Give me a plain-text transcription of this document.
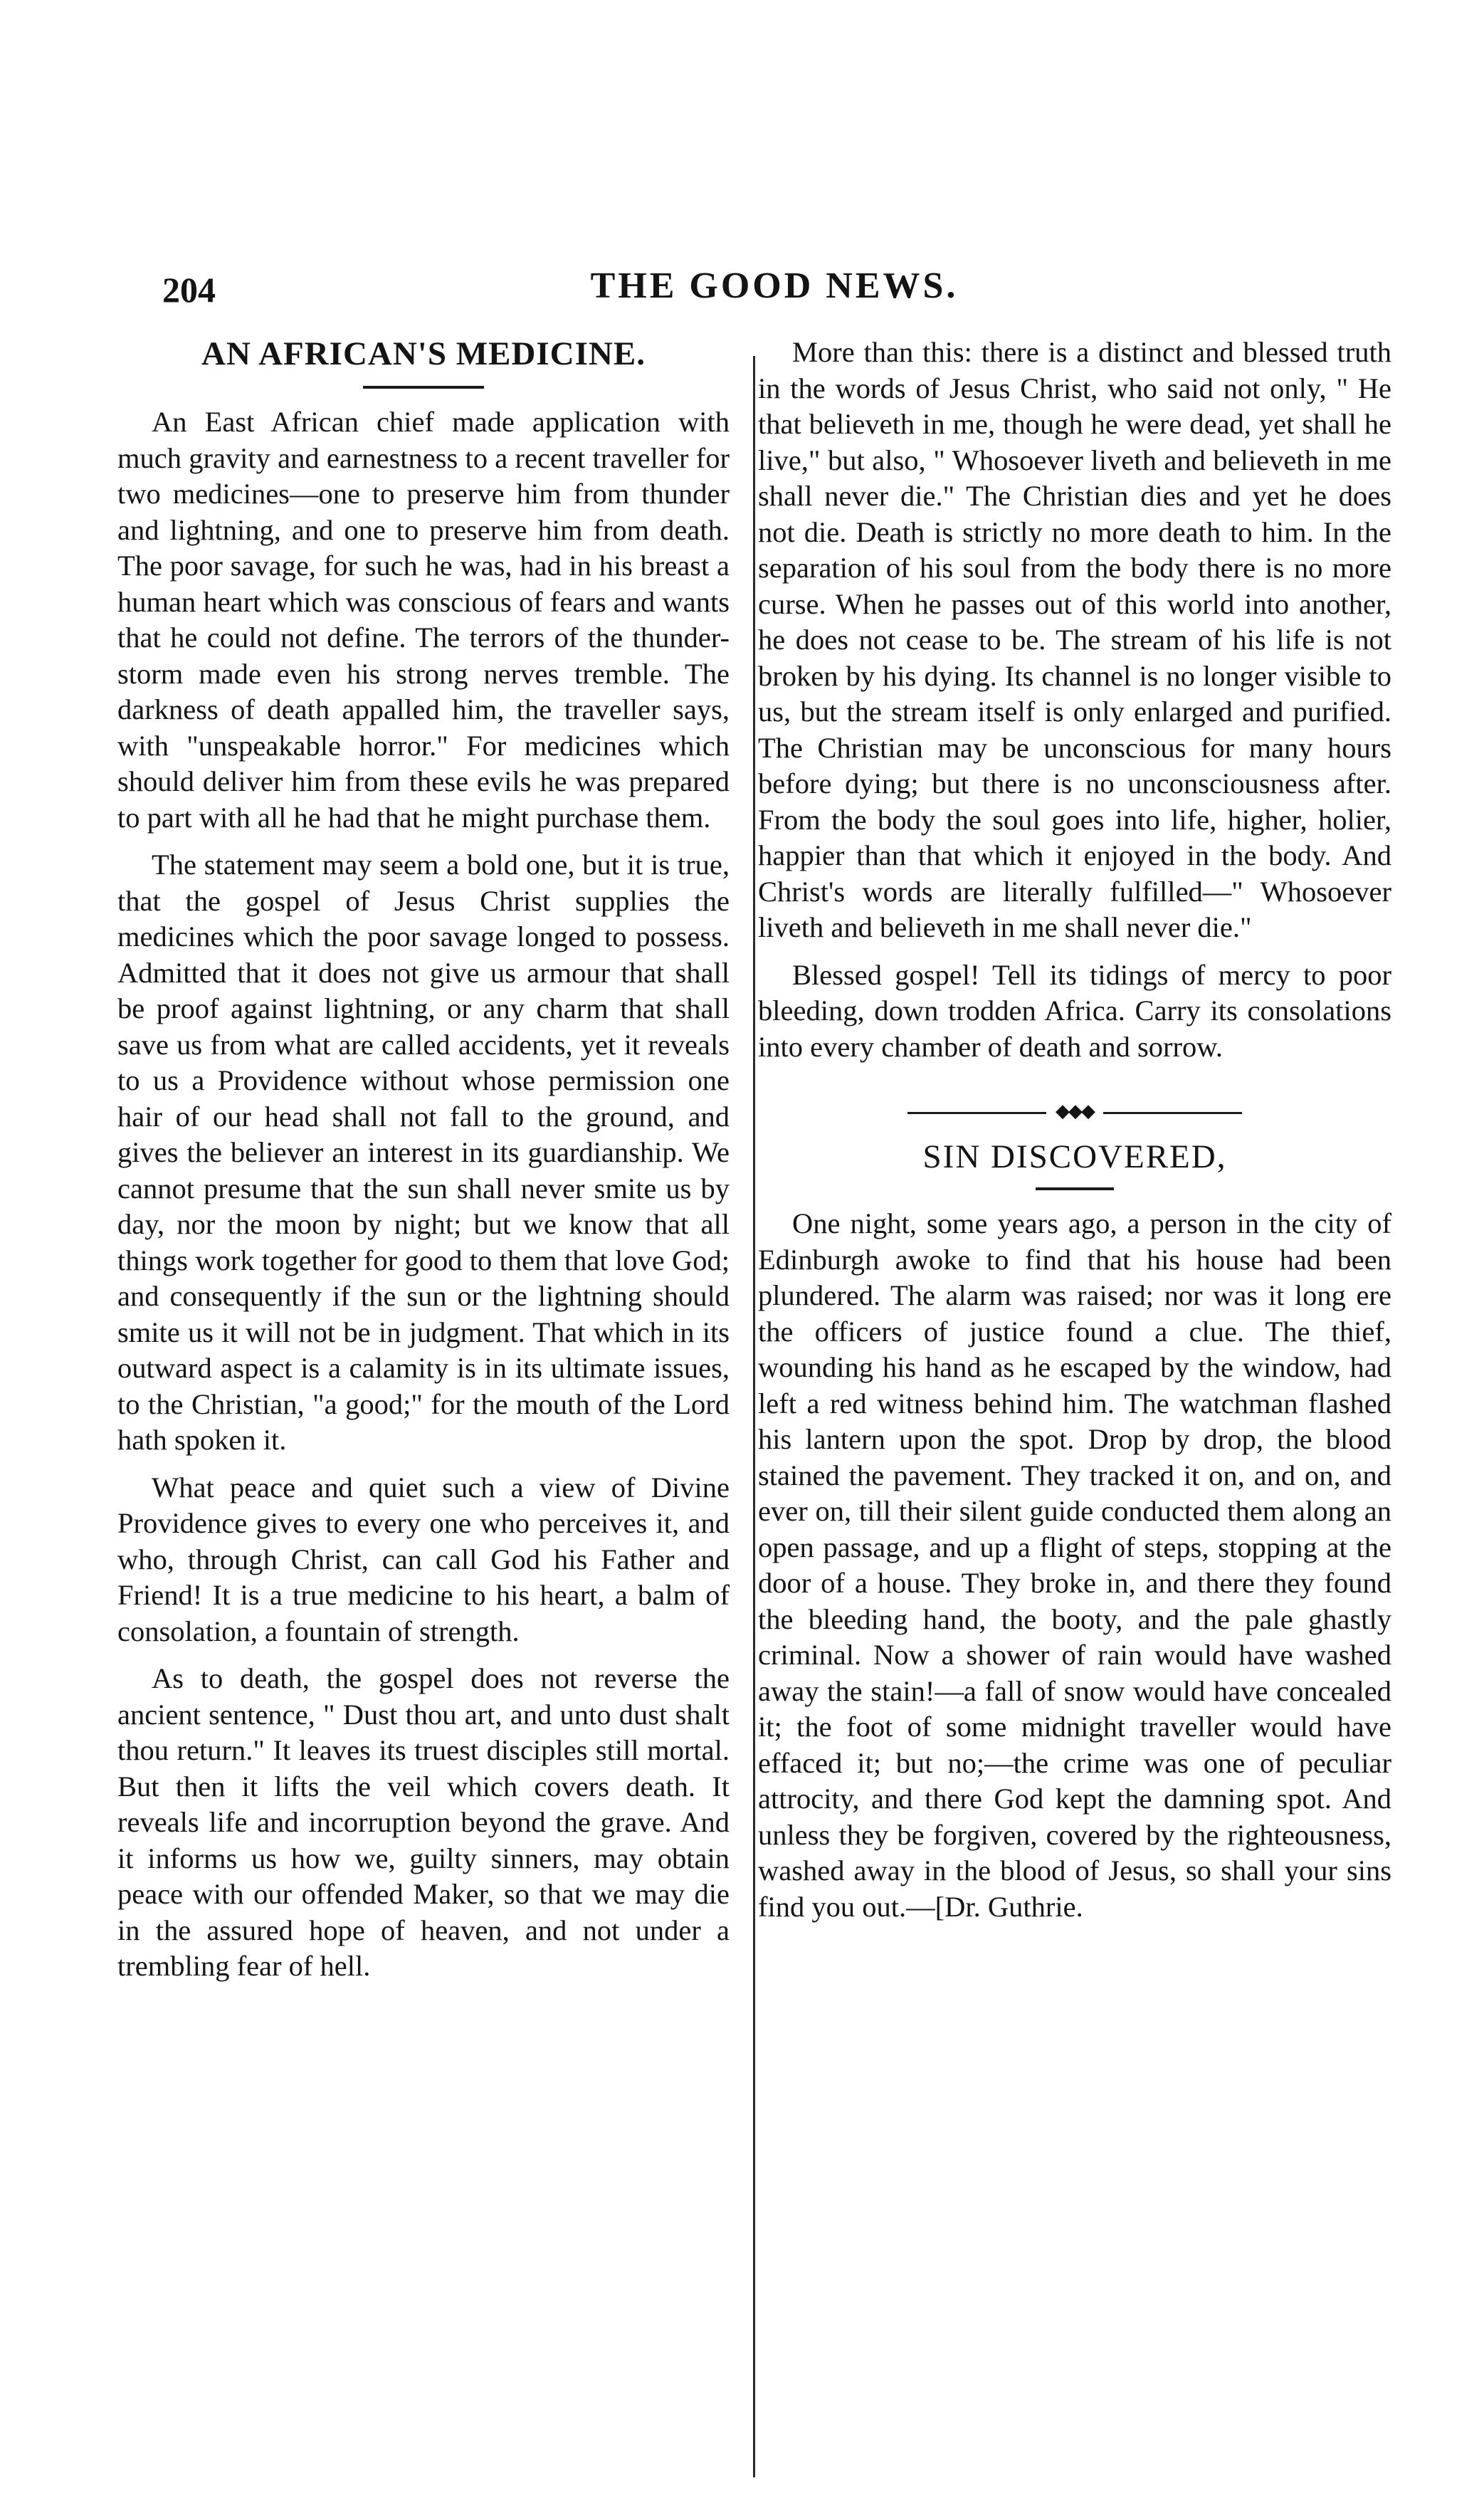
204	THE GOOD NEWS.
AN AFRICAN'S MEDICINE.

An East African chief made application with much gravity and earnestness to a recent traveller for two medicines—one to preserve him from thunder and lightning, and one to preserve him from death. The poor savage, for such he was, had in his breast a human heart which was conscious of fears and wants that he could not define. The terrors of the thunder-storm made even his strong nerves tremble. The darkness of death appalled him, the traveller says, with "unspeakable horror." For medicines which should deliver him from these evils he was prepared to part with all he had that he might purchase them.

The statement may seem a bold one, but it is true, that the gospel of Jesus Christ supplies the medicines which the poor savage longed to possess. Admitted that it does not give us armour that shall be proof against lightning, or any charm that shall save us from what are called accidents, yet it reveals to us a Providence without whose permission one hair of our head shall not fall to the ground, and gives the believer an interest in its guardianship. We cannot presume that the sun shall never smite us by day, nor the moon by night; but we know that all things work together for good to them that love God; and consequently if the sun or the lightning should smite us it will not be in judgment. That which in its outward aspect is a calamity is in its ultimate issues, to the Christian, "a good;" for the mouth of the Lord hath spoken it.

What peace and quiet such a view of Divine Providence gives to every one who perceives it, and who, through Christ, can call God his Father and Friend! It is a true medicine to his heart, a balm of consolation, a fountain of strength.

As to death, the gospel does not reverse the ancient sentence, " Dust thou art, and unto dust shalt thou return." It leaves its truest disciples still mortal. But then it lifts the veil which covers death. It reveals life and incorruption beyond the grave. And it informs us how we, guilty sinners, may obtain peace with our offended Maker, so that we may die in the assured hope of heaven, and not under a trembling fear of hell.

More than this: there is a distinct and blessed truth in the words of Jesus Christ, who said not only, " He that believeth in me, though he were dead, yet shall he live," but also, " Whosoever liveth and believeth in me shall never die." The Christian dies and yet he does not die. Death is strictly no more death to him. In the separation of his soul from the body there is no more curse. When he passes out of this world into another, he does not cease to be. The stream of his life is not broken by his dying. Its channel is no longer visible to us, but the stream itself is only enlarged and purified. The Christian may be unconscious for many hours before dying; but there is no unconsciousness after. From the body the soul goes into life, higher, holier, happier than that which it enjoyed in the body. And Christ's words are literally fulfilled—" Whosoever liveth and believeth in me shall never die."

Blessed gospel! Tell its tidings of mercy to poor bleeding, down trodden Africa. Carry its consolations into every chamber of death and sorrow.

◆◆◆
SIN DISCOVERED,

One night, some years ago, a person in the city of Edinburgh awoke to find that his house had been plundered. The alarm was raised; nor was it long ere the officers of justice found a clue. The thief, wounding his hand as he escaped by the window, had left a red witness behind him. The watchman flashed his lantern upon the spot. Drop by drop, the blood stained the pavement. They tracked it on, and on, and ever on, till their silent guide conducted them along an open passage, and up a flight of steps, stopping at the door of a house. They broke in, and there they found the bleeding hand, the booty, and the pale ghastly criminal. Now a shower of rain would have washed away the stain!—a fall of snow would have concealed it; the foot of some midnight traveller would have effaced it; but no;—the crime was one of peculiar attrocity, and there God kept the damning spot. And unless they be forgiven, covered by the righteousness, washed away in the blood of Jesus, so shall your sins find you out.—[Dr. Guthrie.
